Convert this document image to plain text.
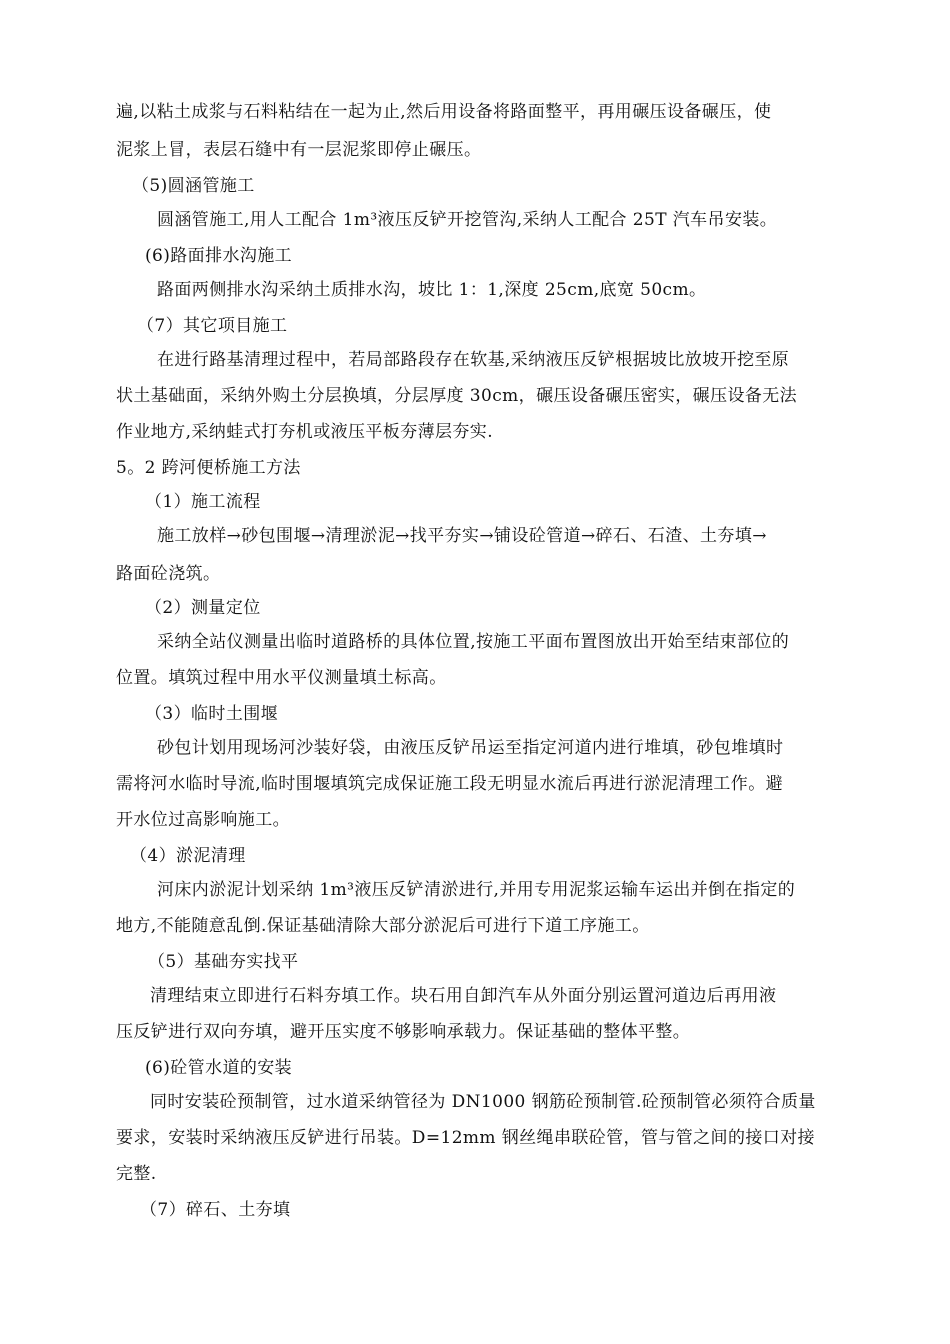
遍,以粘土成浆与石料粘结在一起为止,然后用设备将路面整平，再用碾压设备碾压，使
泥浆上冒，表层石缝中有一层泥浆即停止碾压。
（5)圆涵管施工
圆涵管施工,用人工配合 1m³液压反铲开挖管沟,采纳人工配合 25T 汽车吊安装。
(6)路面排水沟施工
路面两侧排水沟采纳土质排水沟，坡比 1：1,深度 25cm,底宽 50cm。
（7）其它项目施工
在进行路基清理过程中，若局部路段存在软基,采纳液压反铲根据坡比放坡开挖至原
状土基础面，采纳外购土分层换填，分层厚度 30cm，碾压设备碾压密实，碾压设备无法
作业地方,采纳蛙式打夯机或液压平板夯薄层夯实.
5。2 跨河便桥施工方法
（1）施工流程
施工放样→砂包围堰→清理淤泥→找平夯实→铺设砼管道→碎石、石渣、土夯填→
路面砼浇筑。
（2）测量定位
采纳全站仪测量出临时道路桥的具体位置,按施工平面布置图放出开始至结束部位的
位置。填筑过程中用水平仪测量填土标高。
（3）临时土围堰
砂包计划用现场河沙装好袋，由液压反铲吊运至指定河道内进行堆填，砂包堆填时
需将河水临时导流,临时围堰填筑完成保证施工段无明显水流后再进行淤泥清理工作。避
开水位过高影响施工。
（4）淤泥清理
河床内淤泥计划采纳 1m³液压反铲清淤进行,并用专用泥浆运输车运出并倒在指定的
地方,不能随意乱倒.保证基础清除大部分淤泥后可进行下道工序施工。
（5）基础夯实找平
清理结束立即进行石料夯填工作。块石用自卸汽车从外面分别运置河道边后再用液
压反铲进行双向夯填，避开压实度不够影响承载力。保证基础的整体平整。
(6)砼管水道的安装
同时安装砼预制管，过水道采纳管径为 DN1000 钢筋砼预制管.砼预制管必须符合质量
要求，安装时采纳液压反铲进行吊装。D=12mm 钢丝绳串联砼管，管与管之间的接口对接
完整.
（7）碎石、土夯填
